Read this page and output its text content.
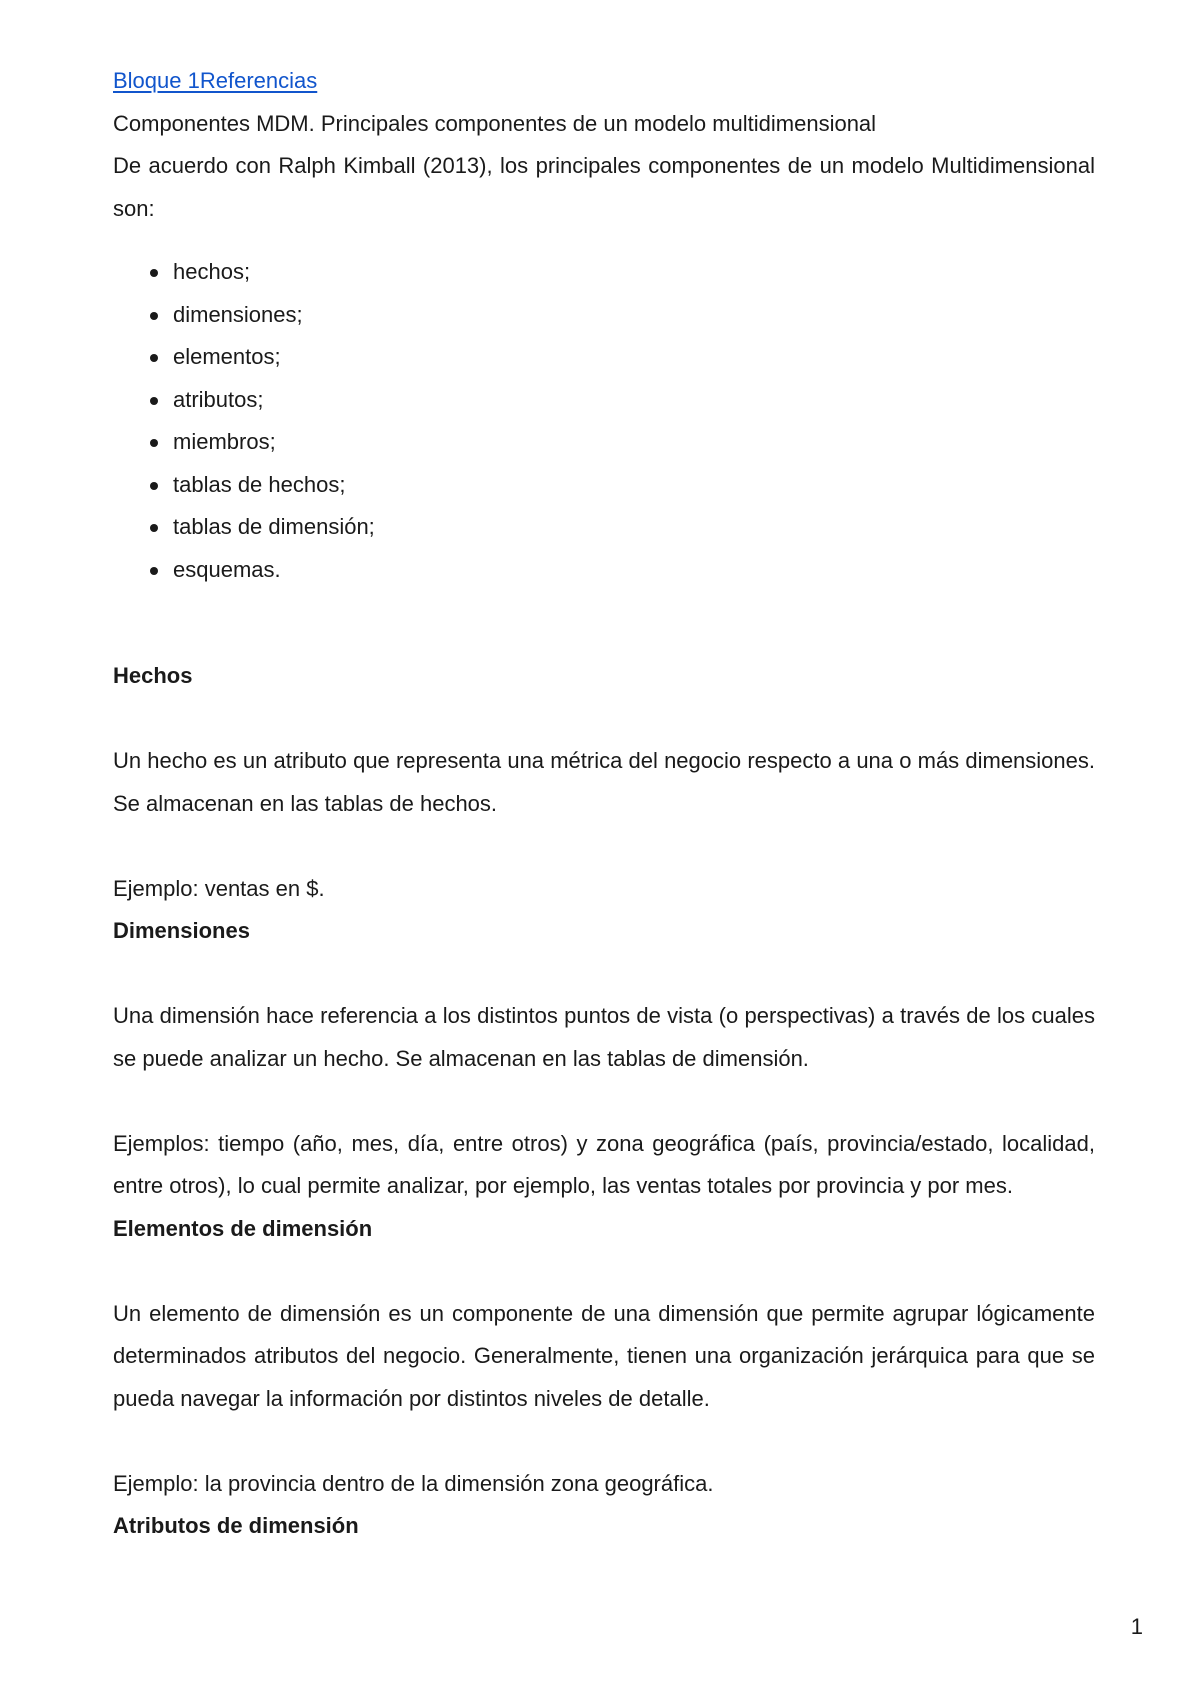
Bloque 1Referencias

Componentes MDM. Principales componentes de un modelo multidimensional

De acuerdo con Ralph Kimball (2013), los principales componentes de un modelo Multidimensional son:

hechos;
dimensiones;
elementos;
atributos;
miembros;
tablas de hechos;
tablas de dimensión;
esquemas.
Hechos

Un hecho es un atributo que representa una métrica del negocio respecto a una o más dimensiones. Se almacenan en las tablas de hechos.

Ejemplo: ventas en $.

Dimensiones

Una dimensión hace referencia a los distintos puntos de vista (o perspectivas) a través de los cuales se puede analizar un hecho. Se almacenan en las tablas de dimensión.

Ejemplos: tiempo (año, mes, día, entre otros) y zona geográfica (país, provincia/estado, localidad, entre otros), lo cual permite analizar, por ejemplo, las ventas totales por provincia y por mes.

Elementos de dimensión

Un elemento de dimensión es un componente de una dimensión que permite agrupar lógicamente determinados atributos del negocio. Generalmente, tienen una organización jerárquica para que se pueda navegar la información por distintos niveles de detalle.

Ejemplo: la provincia dentro de la dimensión zona geográfica.

Atributos de dimensión
1
